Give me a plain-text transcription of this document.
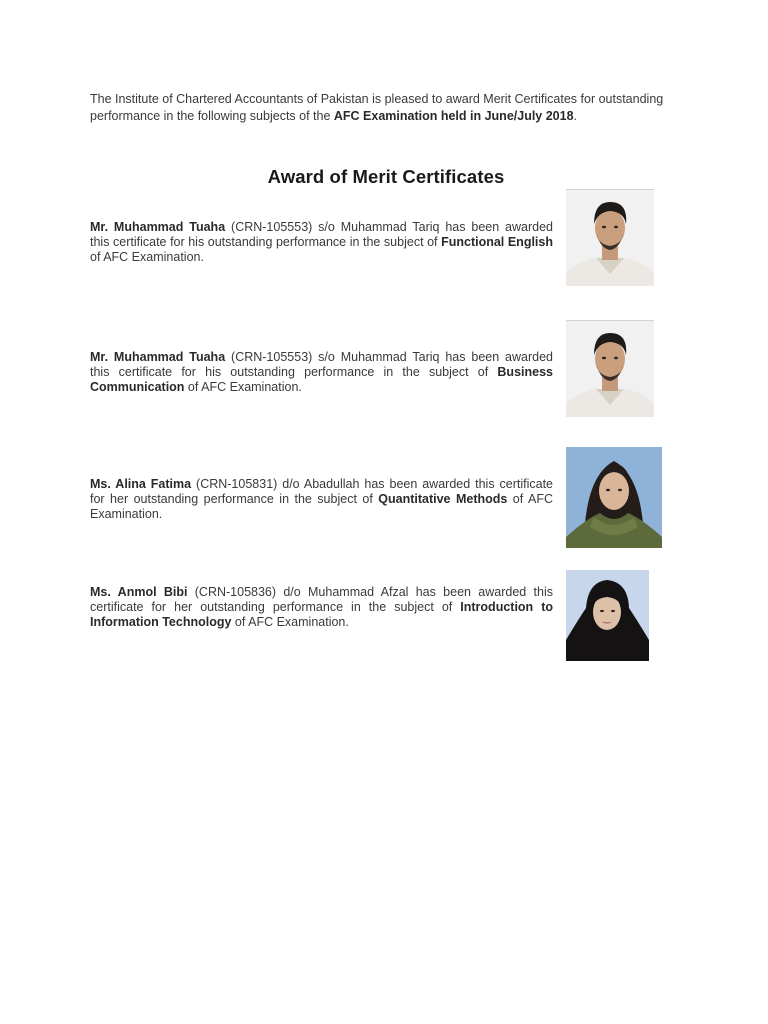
The Institute of Chartered Accountants of Pakistan is pleased to award Merit Certificates for outstanding performance in the following subjects of the AFC Examination held in June/July 2018.
Award of Merit Certificates
Mr. Muhammad Tuaha (CRN-105553) s/o Muhammad Tariq has been awarded this certificate for his outstanding performance in the subject of Functional English of AFC Examination.
Mr. Muhammad Tuaha (CRN-105553) s/o Muhammad Tariq has been awarded this certificate for his outstanding performance in the subject of Business Communication of AFC Examination.
Ms. Alina Fatima (CRN-105831) d/o Abadullah has been awarded this certificate for her outstanding performance in the subject of Quantitative Methods of AFC Examination.
Ms. Anmol Bibi (CRN-105836) d/o Muhammad Afzal has been awarded this certificate for her outstanding performance in the subject of Introduction to Information Technology of AFC Examination.
